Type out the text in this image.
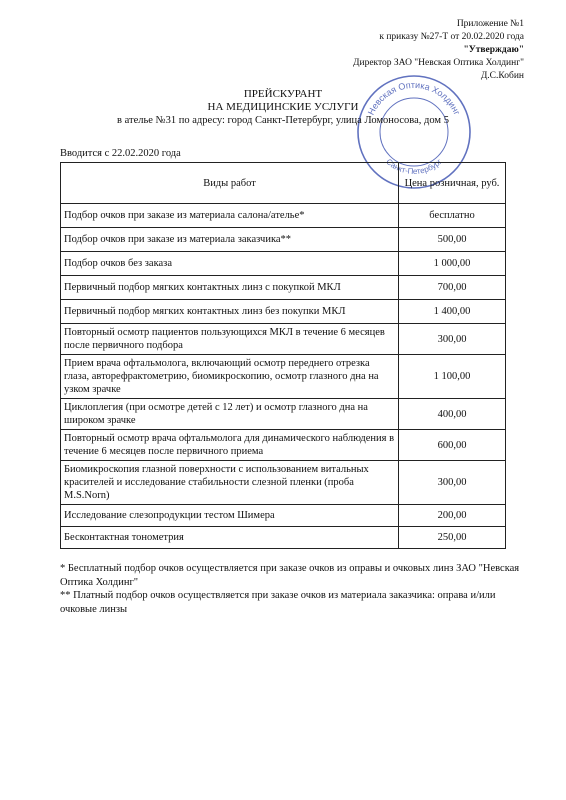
Приложение №1
к приказу №27-Т от 20.02.2020 года
"Утверждаю"
Директор ЗАО "Невская Оптика Холдинг"
Д.С.Кобин
Невская Оптика Холдинг
Санкт-Петербург
ПРЕЙСКУРАНТ
НА МЕДИЦИНСКИЕ УСЛУГИ
в ателье №31 по адресу: город Санкт-Петербург, улица Ломоносова, дом 5
Вводится с 22.02.2020 года
Виды работ	Цена розничная, руб.
Подбор очков при заказе из материала салона/ателье*	бесплатно
Подбор очков при заказе из материала заказчика**	500,00
Подбор очков без заказа	1 000,00
Первичный подбор мягких контактных линз с покупкой МКЛ	700,00
Первичный подбор мягких контактных линз без покупки МКЛ	1 400,00
Повторный осмотр пациентов пользующихся МКЛ в течение 6 месяцев после первичного подбора	300,00
Прием врача офтальмолога, включающий осмотр переднего отрезка глаза, авторефрактометрию, биомикроскопию, осмотр глазного дна на узком зрачке	1 100,00
Циклоплегия (при осмотре детей с 12 лет) и осмотр глазного дна на широком зрачке	400,00
Повторный осмотр врача офтальмолога для динамического наблюдения в течение 6 месяцев после первичного приема	600,00
Биомикроскопия глазной поверхности с использованием витальных красителей и исследование стабильности слезной пленки (проба M.S.Norn)	300,00
Исследование слезопродукции тестом Шимера	200,00
Бесконтактная тонометрия	250,00
* Бесплатный подбор очков осуществляется при заказе очков из оправы и очковых линз ЗАО "Невская Оптика Холдинг"
** Платный подбор очков осуществляется при заказе очков из материала заказчика: оправа и/или очковые линзы
